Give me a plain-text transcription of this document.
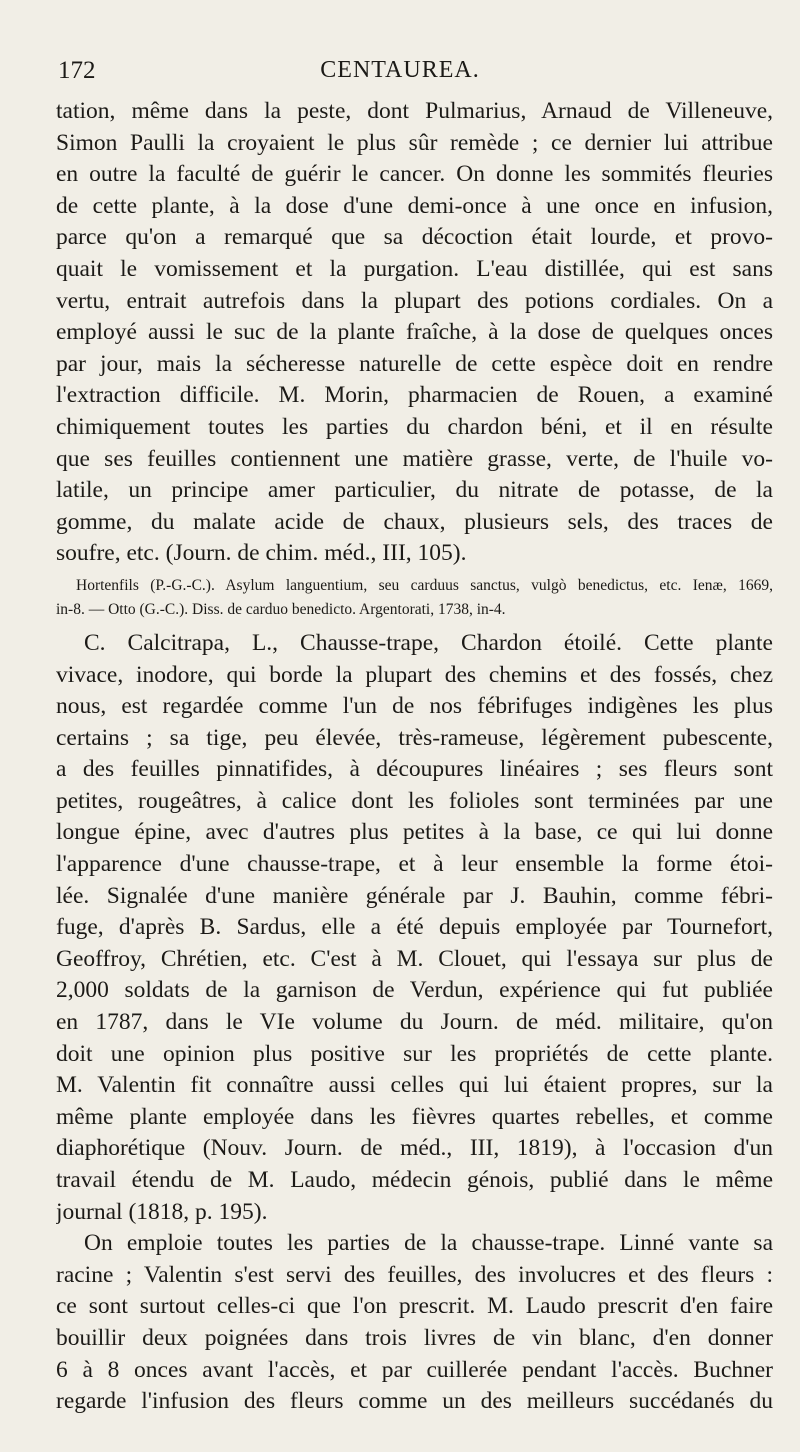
172	CENTAUREA.
tation, même dans la peste, dont Pulmarius, Arnaud de Villeneuve,
Simon Paulli la croyaient le plus sûr remède ; ce dernier lui attribue
en outre la faculté de guérir le cancer. On donne les sommités fleuries
de cette plante, à la dose d'une demi-once à une once en infusion,
parce qu'on a remarqué que sa décoction était lourde, et provo-
quait le vomissement et la purgation. L'eau distillée, qui est sans
vertu, entrait autrefois dans la plupart des potions cordiales. On a
employé aussi le suc de la plante fraîche, à la dose de quelques onces
par jour, mais la sécheresse naturelle de cette espèce doit en rendre
l'extraction difficile. M. Morin, pharmacien de Rouen, a examiné
chimiquement toutes les parties du chardon béni, et il en résulte
que ses feuilles contiennent une matière grasse, verte, de l'huile vo-
latile, un principe amer particulier, du nitrate de potasse, de la
gomme, du malate acide de chaux, plusieurs sels, des traces de
soufre, etc. (Journ. de chim. méd., III, 105).
Hortenfils (P.-G.-C.). Asylum languentium, seu carduus sanctus, vulgò benedictus, etc. Ienæ, 1669,
in-8. — Otto (G.-C.). Diss. de carduo benedicto. Argentorati, 1738, in-4.
C. Calcitrapa, L., Chausse-trape, Chardon étoilé. Cette plante
vivace, inodore, qui borde la plupart des chemins et des fossés, chez
nous, est regardée comme l'un de nos fébrifuges indigènes les plus
certains ; sa tige, peu élevée, très-rameuse, légèrement pubescente,
a des feuilles pinnatifides, à découpures linéaires ; ses fleurs sont
petites, rougeâtres, à calice dont les folioles sont terminées par une
longue épine, avec d'autres plus petites à la base, ce qui lui donne
l'apparence d'une chausse-trape, et à leur ensemble la forme étoi-
lée. Signalée d'une manière générale par J. Bauhin, comme fébri-
fuge, d'après B. Sardus, elle a été depuis employée par Tournefort,
Geoffroy, Chrétien, etc. C'est à M. Clouet, qui l'essaya sur plus de
2,000 soldats de la garnison de Verdun, expérience qui fut publiée
en 1787, dans le VIe volume du Journ. de méd. militaire, qu'on
doit une opinion plus positive sur les propriétés de cette plante.
M. Valentin fit connaître aussi celles qui lui étaient propres, sur la
même plante employée dans les fièvres quartes rebelles, et comme
diaphorétique (Nouv. Journ. de méd., III, 1819), à l'occasion d'un
travail étendu de M. Laudo, médecin génois, publié dans le même
journal (1818, p. 195).
On emploie toutes les parties de la chausse-trape. Linné vante sa
racine ; Valentin s'est servi des feuilles, des involucres et des fleurs :
ce sont surtout celles-ci que l'on prescrit. M. Laudo prescrit d'en faire
bouillir deux poignées dans trois livres de vin blanc, d'en donner
6 à 8 onces avant l'accès, et par cuillerée pendant l'accès. Buchner
regarde l'infusion des fleurs comme un des meilleurs succédanés du
